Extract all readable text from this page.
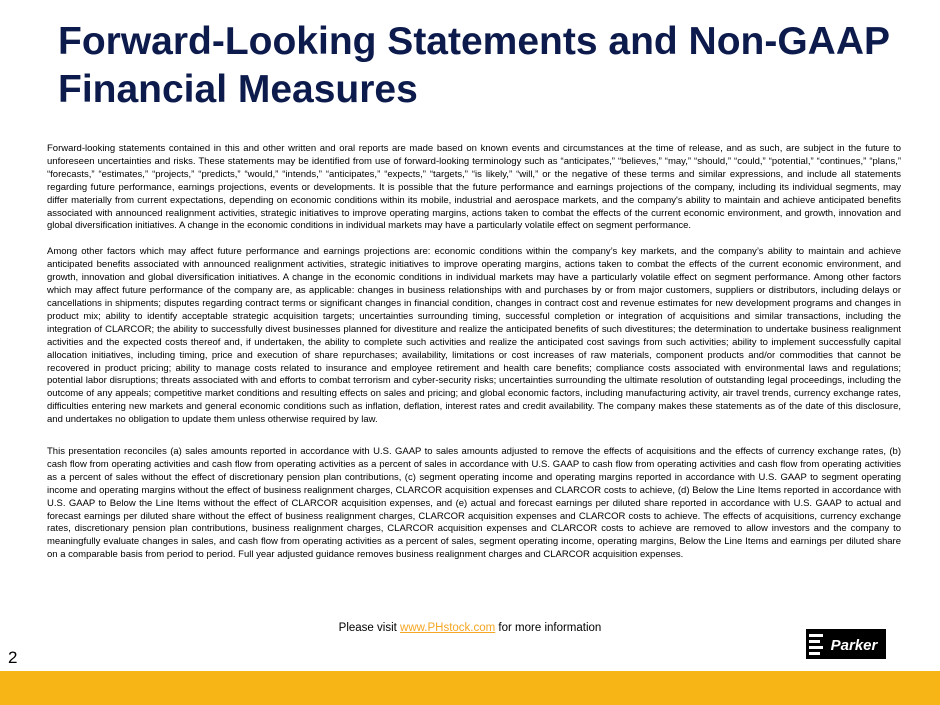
Forward-Looking Statements and Non-GAAP Financial Measures

Forward-looking statements contained in this and other written and oral reports are made based on known events and circumstances at the time of release, and as such, are subject in the future to unforeseen uncertainties and risks. These statements may be identified from use of forward-looking terminology such as “anticipates,” “believes,” “may,” “should,” “could,” “potential,” “continues,” “plans,” “forecasts,” “estimates,” “projects,” “predicts,” “would,” “intends,” “anticipates,” “expects,” “targets,” “is likely,” “will,” or the negative of these terms and similar expressions, and include all statements regarding future performance, earnings projections, events or developments. It is possible that the future performance and earnings projections of the company, including its individual segments, may differ materially from current expectations, depending on economic conditions within its mobile, industrial and aerospace markets, and the company's ability to maintain and achieve anticipated benefits associated with announced realignment activities, strategic initiatives to improve operating margins, actions taken to combat the effects of the current economic environment, and growth, innovation and global diversification initiatives. A change in the economic conditions in individual markets may have a particularly volatile effect on segment performance.

Among other factors which may affect future performance and earnings projections are: economic conditions within the company’s key markets, and the company’s ability to maintain and achieve anticipated benefits associated with announced realignment activities, strategic initiatives to improve operating margins, actions taken to combat the effects of the current economic environment, and growth, innovation and global diversification initiatives. A change in the economic conditions in individual markets may have a particularly volatile effect on segment performance. Among other factors which may affect future performance of the company are, as applicable: changes in business relationships with and purchases by or from major customers, suppliers or distributors, including delays or cancellations in shipments; disputes regarding contract terms or significant changes in financial condition, changes in contract cost and revenue estimates for new development programs and changes in product mix; ability to identify acceptable strategic acquisition targets; uncertainties surrounding timing, successful completion or integration of acquisitions and similar transactions, including the integration of CLARCOR; the ability to successfully divest businesses planned for divestiture and realize the anticipated benefits of such divestitures; the determination to undertake business realignment activities and the expected costs thereof and, if undertaken, the ability to complete such activities and realize the anticipated cost savings from such activities; ability to implement successfully capital allocation initiatives, including timing, price and execution of share repurchases; availability, limitations or cost increases of raw materials, component products and/or commodities that cannot be recovered in product pricing; ability to manage costs related to insurance and employee retirement and health care benefits; compliance costs associated with environmental laws and regulations; potential labor disruptions; threats associated with and efforts to combat terrorism and cyber-security risks; uncertainties surrounding the ultimate resolution of outstanding legal proceedings, including the outcome of any appeals; competitive market conditions and resulting effects on sales and pricing; and global economic factors, including manufacturing activity, air travel trends, currency exchange rates, difficulties entering new markets and general economic conditions such as inflation, deflation, interest rates and credit availability. The company makes these statements as of the date of this disclosure, and undertakes no obligation to update them unless otherwise required by law.

This presentation reconciles (a) sales amounts reported in accordance with U.S. GAAP to sales amounts adjusted to remove the effects of acquisitions and the effects of currency exchange rates, (b) cash flow from operating activities and cash flow from operating activities as a percent of sales in accordance with U.S. GAAP to cash flow from operating activities and cash flow from operating activities as a percent of sales without the effect of discretionary pension plan contributions, (c) segment operating income and operating margins reported in accordance with U.S. GAAP to segment operating income and operating margins without the effect of business realignment charges, CLARCOR acquisition expenses and CLARCOR costs to achieve, (d) Below the Line Items reported in accordance with U.S. GAAP to Below the Line Items without the effect of CLARCOR acquisition expenses, and (e) actual and forecast earnings per diluted share reported in accordance with U.S. GAAP to actual and forecast earnings per diluted share without the effect of business realignment charges, CLARCOR acquisition expenses and CLARCOR costs to achieve. The effects of acquisitions, currency exchange rates, discretionary pension plan contributions, business realignment charges, CLARCOR acquisition expenses and CLARCOR costs to achieve are removed to allow investors and the company to meaningfully evaluate changes in sales, and cash flow from operating activities as a percent of sales, segment operating income, operating margins, Below the Line Items and earnings per diluted share on a comparable basis from period to period. Full year adjusted guidance removes business realignment charges and CLARCOR acquisition expenses.

Please visit www.PHstock.com for more information
2
Parker
